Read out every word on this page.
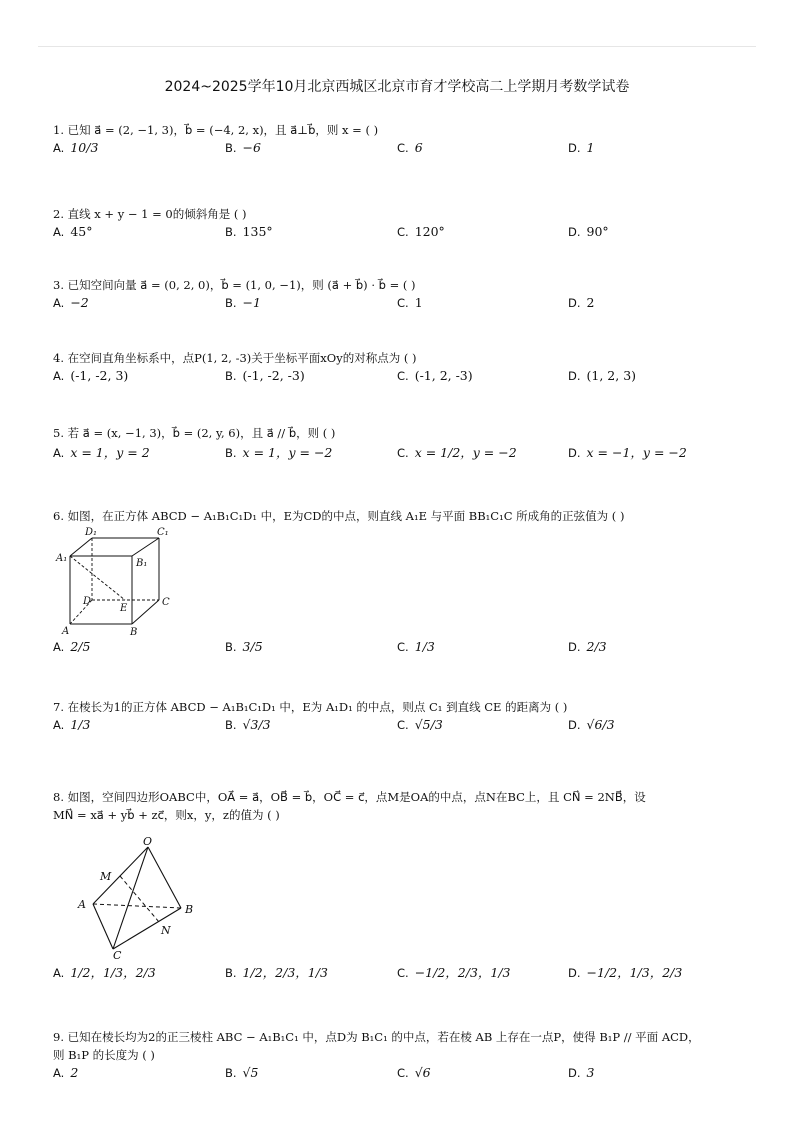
2024~2025学年10月北京西城区北京市育才学校高二上学期月考数学试卷
1. 已知 a⃗ = (2, −1, 3)，b⃗ = (−4, 2, x)，且 a⃗⊥b⃗，则 x = ( )
A. 10/3	B. −6	C. 6	D. 1
2. 直线 x + y − 1 = 0的倾斜角是 ( )
A. 45°	B. 135°	C. 120°	D. 90°
3. 已知空间向量 a⃗ = (0, 2, 0)，b⃗ = (1, 0, −1)，则 (a⃗ + b⃗) · b⃗ = ( )
A. −2	B. −1	C. 1	D. 2
4. 在空间直角坐标系中，点P(1, 2, -3)关于坐标平面xOy的对称点为 ( )
A. (-1, -2, 3)	B. (-1, -2, -3)	C. (-1, 2, -3)	D. (1, 2, 3)
5. 若 a⃗ = (x, −1, 3)，b⃗ = (2, y, 6)，且 a⃗ // b⃗，则 ( )
A. x = 1，y = 2	B. x = 1，y = −2	C. x = 1/2，y = −2	D. x = −1，y = −2
6. 如图，在正方体 ABCD − A₁B₁C₁D₁ 中，E为CD的中点，则直线 A₁E 与平面 BB₁C₁C 所成角的正弦值为 ( )
D₁	C₁
A₁	B₁
D
E
C
A	B
A. 2/5	B. 3/5	C. 1/3	D. 2/3
7. 在棱长为1的正方体 ABCD − A₁B₁C₁D₁ 中，E为 A₁D₁ 的中点，则点 C₁ 到直线 CE 的距离为 ( )
A. 1/3	B. √3/3	C. √5/3	D. √6/3
8. 如图，空间四边形OABC中，OA⃗ = a⃗，OB⃗ = b⃗，OC⃗ = c⃗，点M是OA的中点，点N在BC上，且 CN⃗ = 2NB⃗，设
MN⃗ = xa⃗ + yb⃗ + zc⃗，则x，y，z的值为 ( )
O
M
A	B
N
C
A. 1/2，1/3，2/3	B. 1/2，2/3，1/3	C. −1/2，2/3，1/3	D. −1/2，1/3，2/3
9. 已知在棱长均为2的正三棱柱 ABC − A₁B₁C₁ 中，点D为 B₁C₁ 的中点，若在棱 AB 上存在一点P，使得 B₁P // 平面 ACD，
则 B₁P 的长度为 ( )
A. 2	B. √5	C. √6	D. 3
